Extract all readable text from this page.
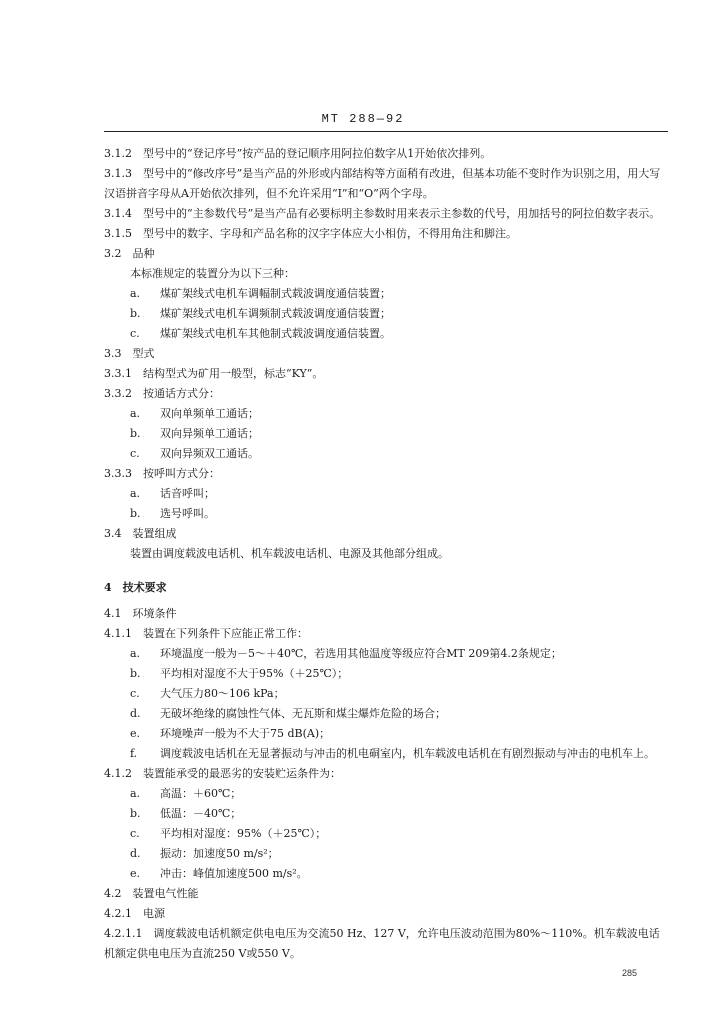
MT 288—92

3.1.2　型号中的“登记序号”按产品的登记顺序用阿拉伯数字从1开始依次排列。

3.1.3　型号中的“修改序号”是当产品的外形或内部结构等方面稍有改进，但基本功能不变时作为识别之用，用大写汉语拼音字母从A开始依次排列，但不允许采用“I”和“O”两个字母。

3.1.4　型号中的“主参数代号”是当产品有必要标明主参数时用来表示主参数的代号，用加括号的阿拉伯数字表示。

3.1.5　型号中的数字、字母和产品名称的汉字字体应大小相仿，不得用角注和脚注。

3.2　品种

本标准规定的装置分为以下三种：

a.	煤矿架线式电机车调幅制式载波调度通信装置；
b.	煤矿架线式电机车调频制式载波调度通信装置；
c.	煤矿架线式电机车其他制式载波调度通信装置。

3.3　型式

3.3.1　结构型式为矿用一般型，标志“KY”。

3.3.2　按通话方式分：

a.	双向单频单工通话；
b.	双向异频单工通话；
c.	双向异频双工通话。

3.3.3　按呼叫方式分：

a.	话音呼叫；
b.	选号呼叫。

3.4　装置组成

装置由调度载波电话机、机车载波电话机、电源及其他部分组成。

4　技术要求

4.1　环境条件

4.1.1　装置在下列条件下应能正常工作：

a.	环境温度一般为－5～＋40℃，若选用其他温度等级应符合MT 209第4.2条规定；
b.	平均相对湿度不大于95%（＋25℃）；
c.	大气压力80～106 kPa；
d.	无破坏绝缘的腐蚀性气体、无瓦斯和煤尘爆炸危险的场合；
e.	环境噪声一般为不大于75 dB(A)；
f.	调度载波电话机在无显著振动与冲击的机电硐室内，机车载波电话机在有剧烈振动与冲击的电机车上。

4.1.2　装置能承受的最恶劣的安装贮运条件为：

a.	高温：＋60℃；
b.	低温：－40℃；
c.	平均相对湿度：95%（＋25℃）；
d.	振动：加速度50 m/s²；
e.	冲击：峰值加速度500 m/s²。

4.2　装置电气性能

4.2.1　电源

4.2.1.1　调度载波电话机额定供电电压为交流50 Hz、127 V，允许电压波动范围为80%～110%。机车载波电话机额定供电电压为直流250 V或550 V。

285
